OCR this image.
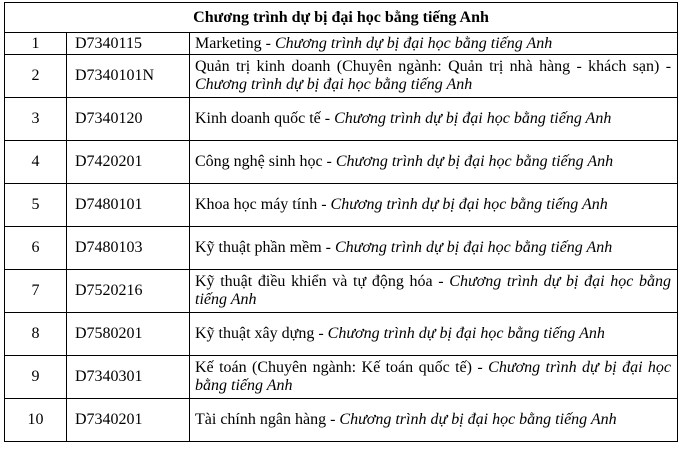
Chương trình dự bị đại học bằng tiếng Anh		
1	D7340115	Marketing - Chương trình dự bị đại học bằng tiếng Anh
2	D7340101N	Quản trị kinh doanh (Chuyên ngành: Quản trị nhà hàng - khách sạn) - Chương trình dự bị đại học bằng tiếng Anh
3	D7340120	Kinh doanh quốc tế - Chương trình dự bị đại học bằng tiếng Anh
4	D7420201	Công nghệ sinh học - Chương trình dự bị đại học bằng tiếng Anh
5	D7480101	Khoa học máy tính - Chương trình dự bị đại học bằng tiếng Anh
6	D7480103	Kỹ thuật phần mềm - Chương trình dự bị đại học bằng tiếng Anh
7	D7520216	Kỹ thuật điều khiển và tự động hóa - Chương trình dự bị đại học bằng tiếng Anh
8	D7580201	Kỹ thuật xây dựng - Chương trình dự bị đại học bằng tiếng Anh
9	D7340301	Kế toán (Chuyên ngành: Kế toán quốc tế) - Chương trình dự bị đại học bằng tiếng Anh
10	D7340201	Tài chính ngân hàng - Chương trình dự bị đại học bằng tiếng Anh
